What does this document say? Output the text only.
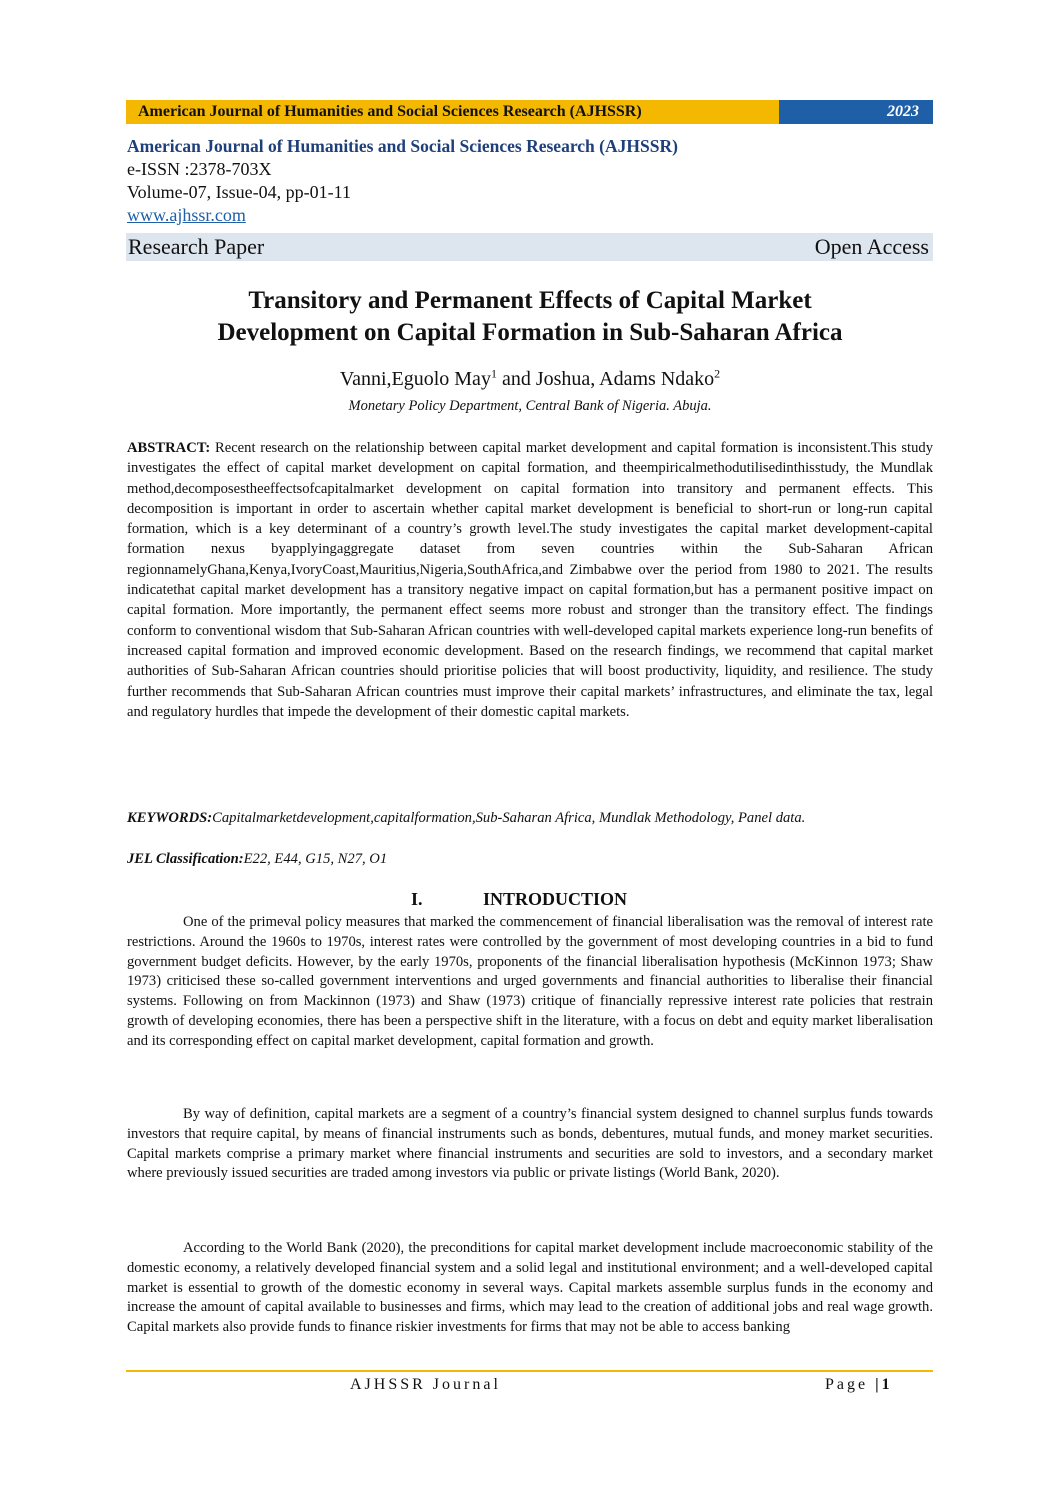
American Journal of Humanities and Social Sciences Research (AJHSSR)	2023
American Journal of Humanities and Social Sciences Research (AJHSSR)
e-ISSN :2378-703X
Volume-07, Issue-04, pp-01-11
www.ajhssr.com
Research Paper	Open Access
Transitory and Permanent Effects of Capital Market
Development on Capital Formation in Sub-Saharan Africa
Vanni,Eguolo May$^1$ and Joshua, Adams Ndako$^2$
Monetary Policy Department, Central Bank of Nigeria. Abuja.

ABSTRACT: Recent research on the relationship between capital market development and capital formation is inconsistent.This study investigates the effect of capital market development on capital formation, and theempiricalmethodutilisedinthisstudy, the Mundlak method,decomposestheeffectsofcapitalmarket development on capital formation into transitory and permanent effects. This decomposition is important in order to ascertain whether capital market development is beneficial to short-run or long-run capital formation, which is a key determinant of a country’s growth level.The study investigates the capital market development-capital formation nexus byapplyingaggregate dataset from seven countries within the Sub-Saharan African regionnamelyGhana,Kenya,IvoryCoast,Mauritius,Nigeria,SouthAfrica,and Zimbabwe over the period from 1980 to 2021. The results indicatethat capital market development has a transitory negative impact on capital formation,but has a permanent positive impact on capital formation. More importantly, the permanent effect seems more robust and stronger than the transitory effect. The findings conform to conventional wisdom that Sub-Saharan African countries with well-developed capital markets experience long-run benefits of increased capital formation and improved economic development. Based on the research findings, we recommend that capital market authorities of Sub-Saharan African countries should prioritise policies that will boost productivity, liquidity, and resilience. The study further recommends that Sub-Saharan African countries must improve their capital markets’ infrastructures, and eliminate the tax, legal and regulatory hurdles that impede the development of their domestic capital markets.

KEYWORDS:Capitalmarketdevelopment,capitalformation,Sub-Saharan Africa, Mundlak Methodology, Panel data.

JEL Classification:E22, E44, G15, N27, O1

I.	INTRODUCTION

One of the primeval policy measures that marked the commencement of financial liberalisation was the removal of interest rate restrictions. Around the 1960s to 1970s, interest rates were controlled by the government of most developing countries in a bid to fund government budget deficits. However, by the early 1970s, proponents of the financial liberalisation hypothesis (McKinnon 1973; Shaw 1973) criticised these so-called government interventions and urged governments and financial authorities to liberalise their financial systems. Following on from Mackinnon (1973) and Shaw (1973) critique of financially repressive interest rate policies that restrain growth of developing economies, there has been a perspective shift in the literature, with a focus on debt and equity market liberalisation and its corresponding effect on capital market development, capital formation and growth.

By way of definition, capital markets are a segment of a country’s financial system designed to channel surplus funds towards investors that require capital, by means of financial instruments such as bonds, debentures, mutual funds, and money market securities. Capital markets comprise a primary market where financial instruments and securities are sold to investors, and a secondary market where previously issued securities are traded among investors via public or private listings (World Bank, 2020).

According to the World Bank (2020), the preconditions for capital market development include macroeconomic stability of the domestic economy, a relatively developed financial system and a solid legal and institutional environment; and a well-developed capital market is essential to growth of the domestic economy in several ways. Capital markets assemble surplus funds in the economy and increase the amount of capital available to businesses and firms, which may lead to the creation of additional jobs and real wage growth. Capital markets also provide funds to finance riskier investments for firms that may not be able to access banking

AJHSSR Journal	Page |1
